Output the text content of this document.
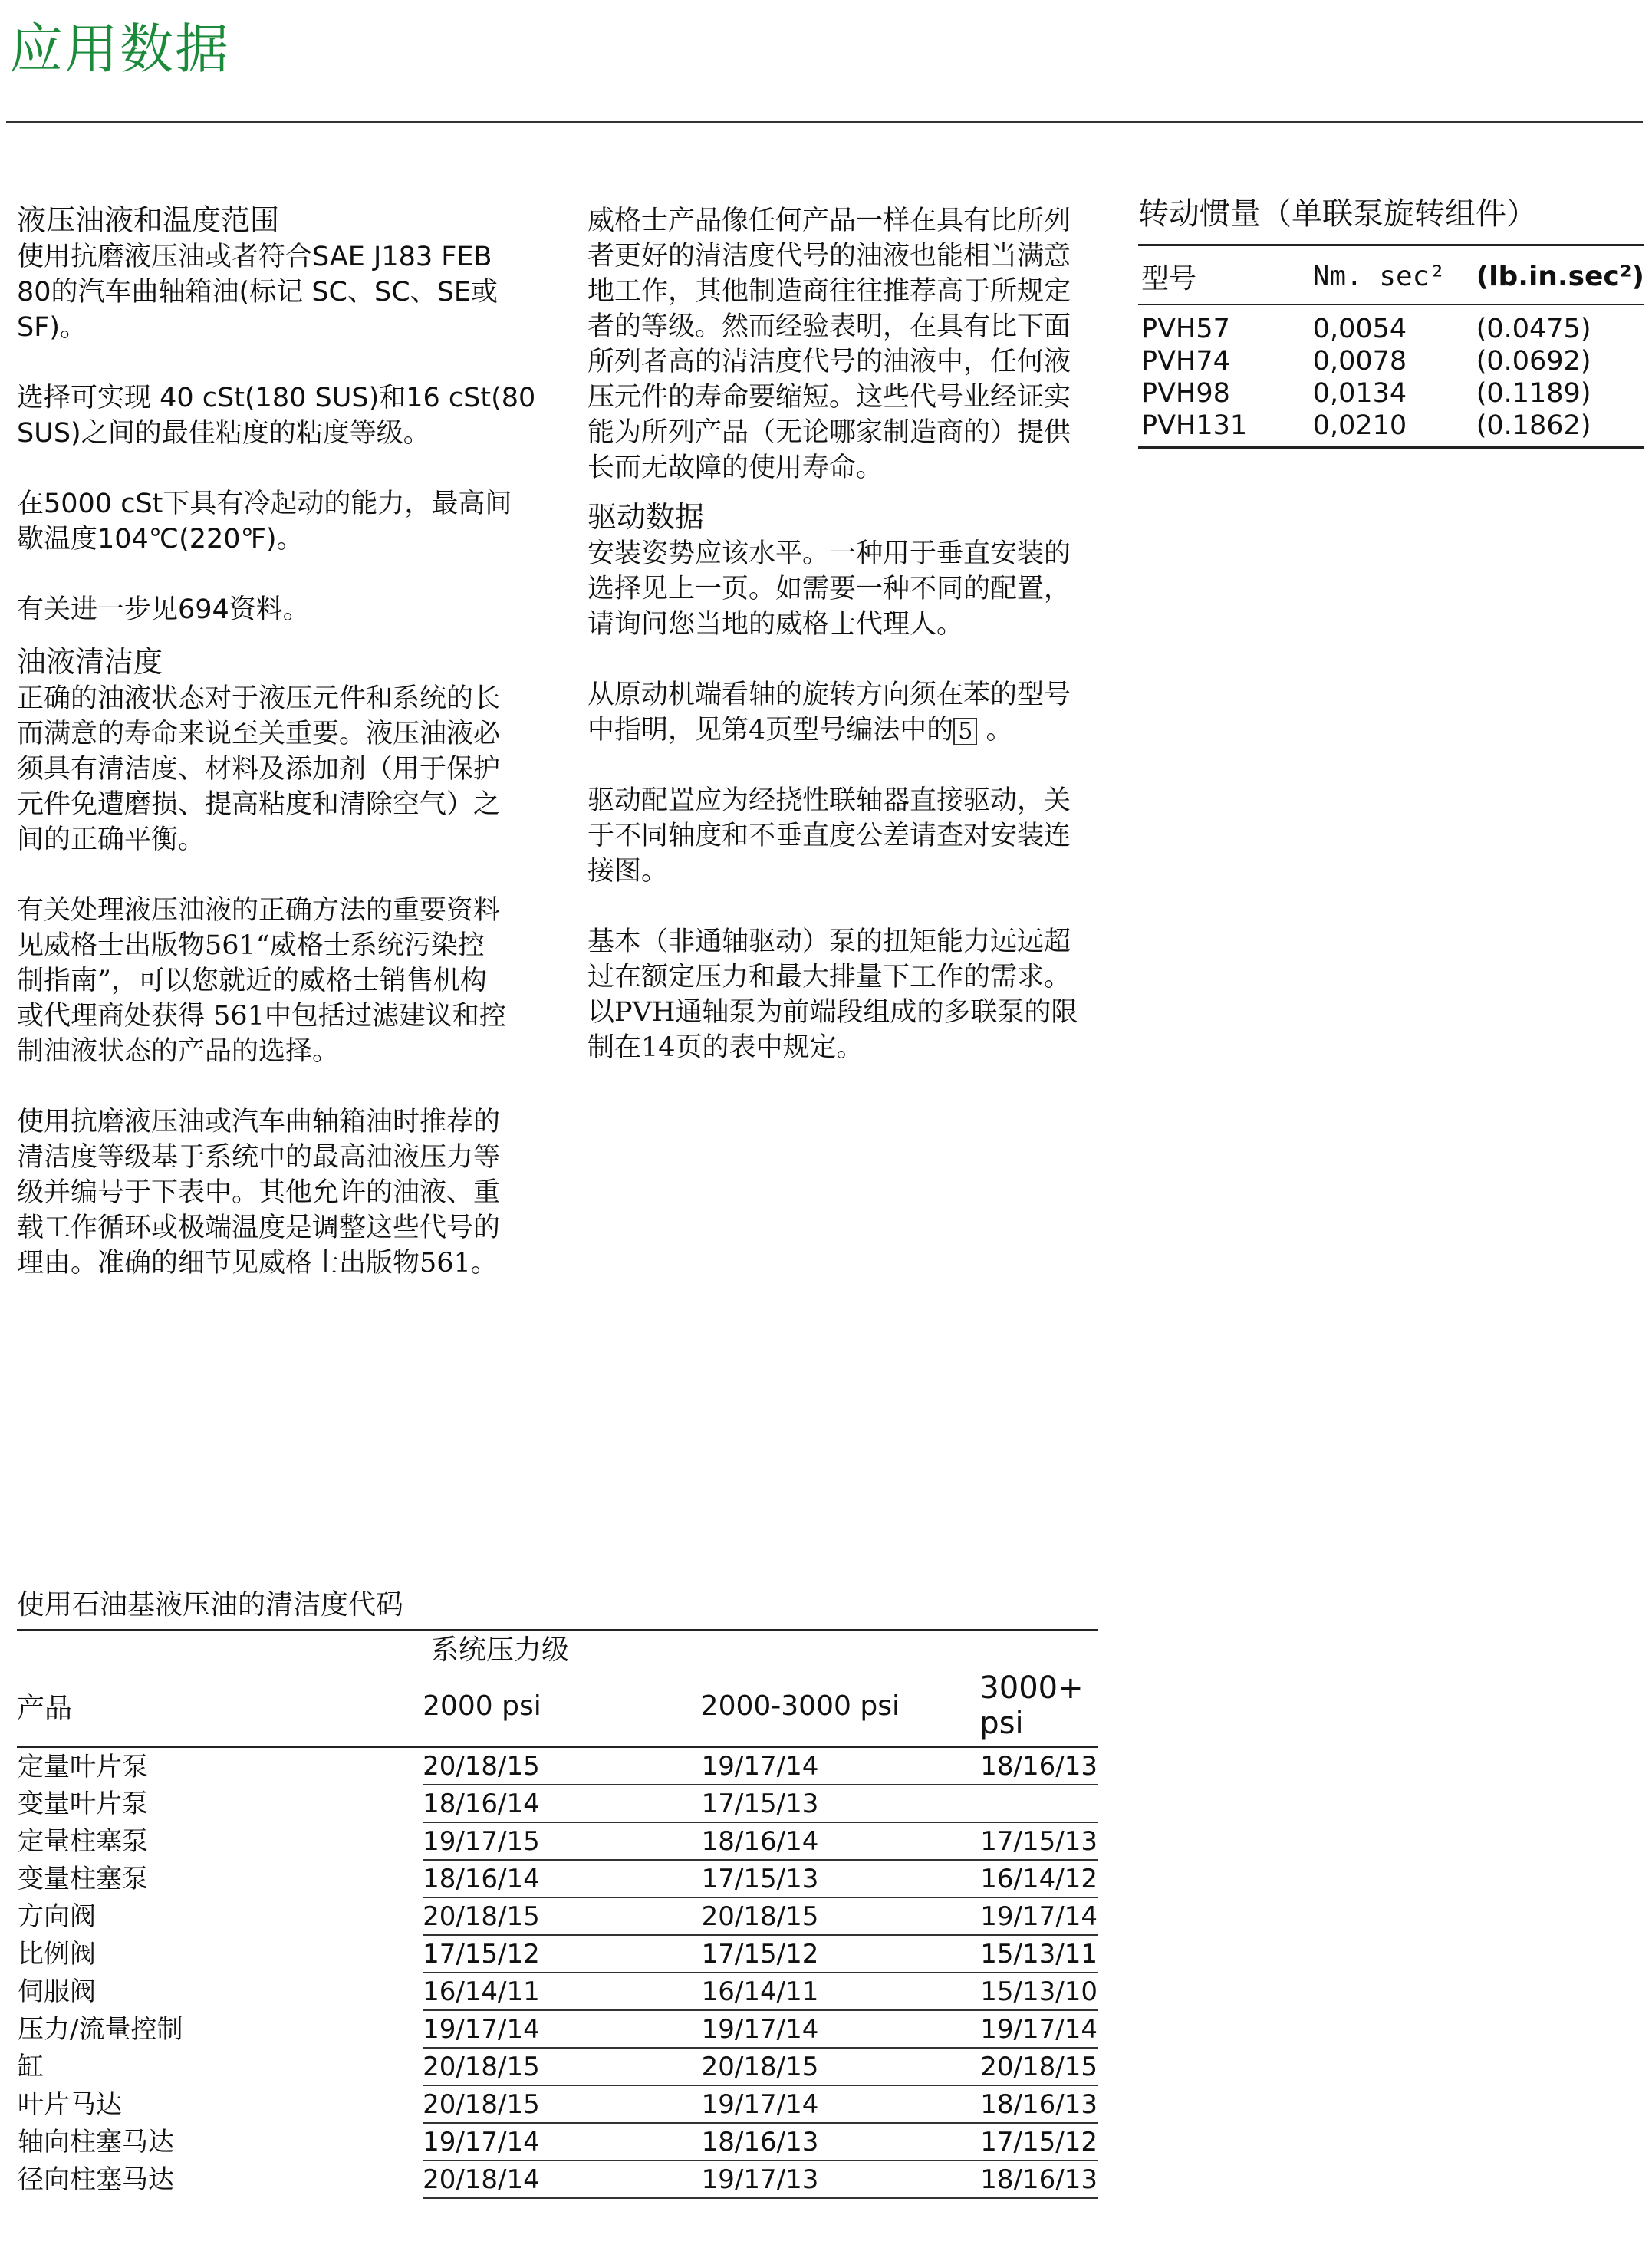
应用数据
液压油液和温度范围

使用抗磨液压油或者符合SAE J183 FEB
80的汽车曲轴箱油(标记 SC、SC、SE或
SF)。

选择可实现 40 cSt(180 SUS)和16 cSt(80
SUS)之间的最佳粘度的粘度等级。

在5000 cSt下具有冷起动的能力，最高间
歇温度104℃(220℉)。

有关进一步见694资料。

油液清洁度

正确的油液状态对于液压元件和系统的长
而满意的寿命来说至关重要。液压油液必
须具有清洁度、材料及添加剂（用于保护
元件免遭磨损、提高粘度和清除空气）之
间的正确平衡。

有关处理液压油液的正确方法的重要资料
见威格士出版物561“威格士系统污染控
制指南”，可以您就近的威格士销售机构
或代理商处获得 561中包括过滤建议和控
制油液状态的产品的选择。

使用抗磨液压油或汽车曲轴箱油时推荐的
清洁度等级基于系统中的最高油液压力等
级并编号于下表中。其他允许的油液、重
载工作循环或极端温度是调整这些代号的
理由。准确的细节见威格士出版物561。

威格士产品像任何产品一样在具有比所列
者更好的清洁度代号的油液也能相当满意
地工作，其他制造商往往推荐高于所规定
者的等级。然而经验表明，在具有比下面
所列者高的清洁度代号的油液中，任何液
压元件的寿命要缩短。这些代号业经证实
能为所列产品（无论哪家制造商的）提供
长而无故障的使用寿命。

驱动数据

安装姿势应该水平。一种用于垂直安装的
选择见上一页。如需要一种不同的配置，
请询问您当地的威格士代理人。

从原动机端看轴的旋转方向须在苯的型号
中指明，见第4页型号编法中的 5 。

驱动配置应为经挠性联轴器直接驱动，关
于不同轴度和不垂直度公差请查对安装连
接图。

基本（非通轴驱动）泵的扭矩能力远远超
过在额定压力和最大排量下工作的需求。
以PVH通轴泵为前端段组成的多联泵的限
制在14页的表中规定。

转动惯量（单联泵旋转组件）
型号	Nm. sec²	(lb.in.sec²)
PVH57	0,0054	(0.0475)
PVH74	0,0078	(0.0692)
PVH98	0,0134	(0.1189)
PVH131	0,0210	(0.1862)
使用石油基液压油的清洁度代码
系统压力级
产品	2000 psi	2000-3000 psi	3000+ psi
定量叶片泵	20/18/15	19/17/14	18/16/13
变量叶片泵	18/16/14	17/15/13	
定量柱塞泵	19/17/15	18/16/14	17/15/13
变量柱塞泵	18/16/14	17/15/13	16/14/12
方向阀	20/18/15	20/18/15	19/17/14
比例阀	17/15/12	17/15/12	15/13/11
伺服阀	16/14/11	16/14/11	15/13/10
压力/流量控制	19/17/14	19/17/14	19/17/14
缸	20/18/15	20/18/15	20/18/15
叶片马达	20/18/15	19/17/14	18/16/13
轴向柱塞马达	19/17/14	18/16/13	17/15/12
径向柱塞马达	20/18/14	19/17/13	18/16/13
